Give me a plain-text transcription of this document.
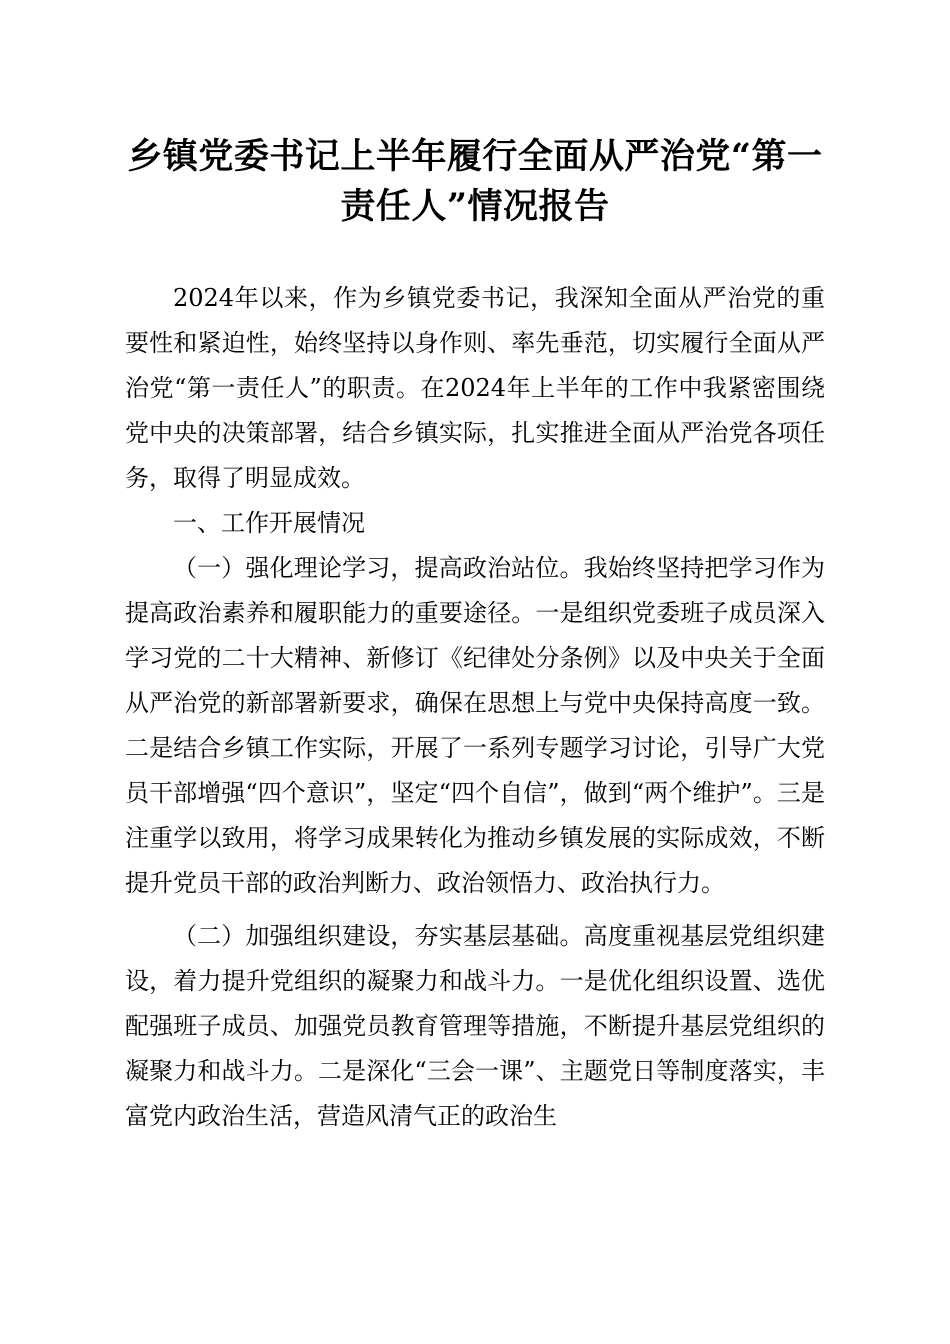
乡镇党委书记上半年履行全面从严治党“第一责任人”情况报告

2024年以来，作为乡镇党委书记，我深知全面从严治党的重要性和紧迫性，始终坚持以身作则、率先垂范，切实履行全面从严治党“第一责任人”的职责。在2024年上半年的工作中我紧密围绕党中央的决策部署，结合乡镇实际，扎实推进全面从严治党各项任务，取得了明显成效。

一、工作开展情况

（一）强化理论学习，提高政治站位。我始终坚持把学习作为提高政治素养和履职能力的重要途径。一是组织党委班子成员深入学习党的二十大精神、新修订《纪律处分条例》以及中央关于全面从严治党的新部署新要求，确保在思想上与党中央保持高度一致。二是结合乡镇工作实际，开展了一系列专题学习讨论，引导广大党员干部增强“四个意识”，坚定“四个自信”，做到“两个维护”。三是注重学以致用，将学习成果转化为推动乡镇发展的实际成效，不断提升党员干部的政治判断力、政治领悟力、政治执行力。

（二）加强组织建设，夯实基层基础。高度重视基层党组织建设，着力提升党组织的凝聚力和战斗力。一是优化组织设置、选优配强班子成员、加强党员教育管理等措施，不断提升基层党组织的凝聚力和战斗力。二是深化“三会一课”、主题党日等制度落实，丰富党内政治生活，营造风清气正的政治生
